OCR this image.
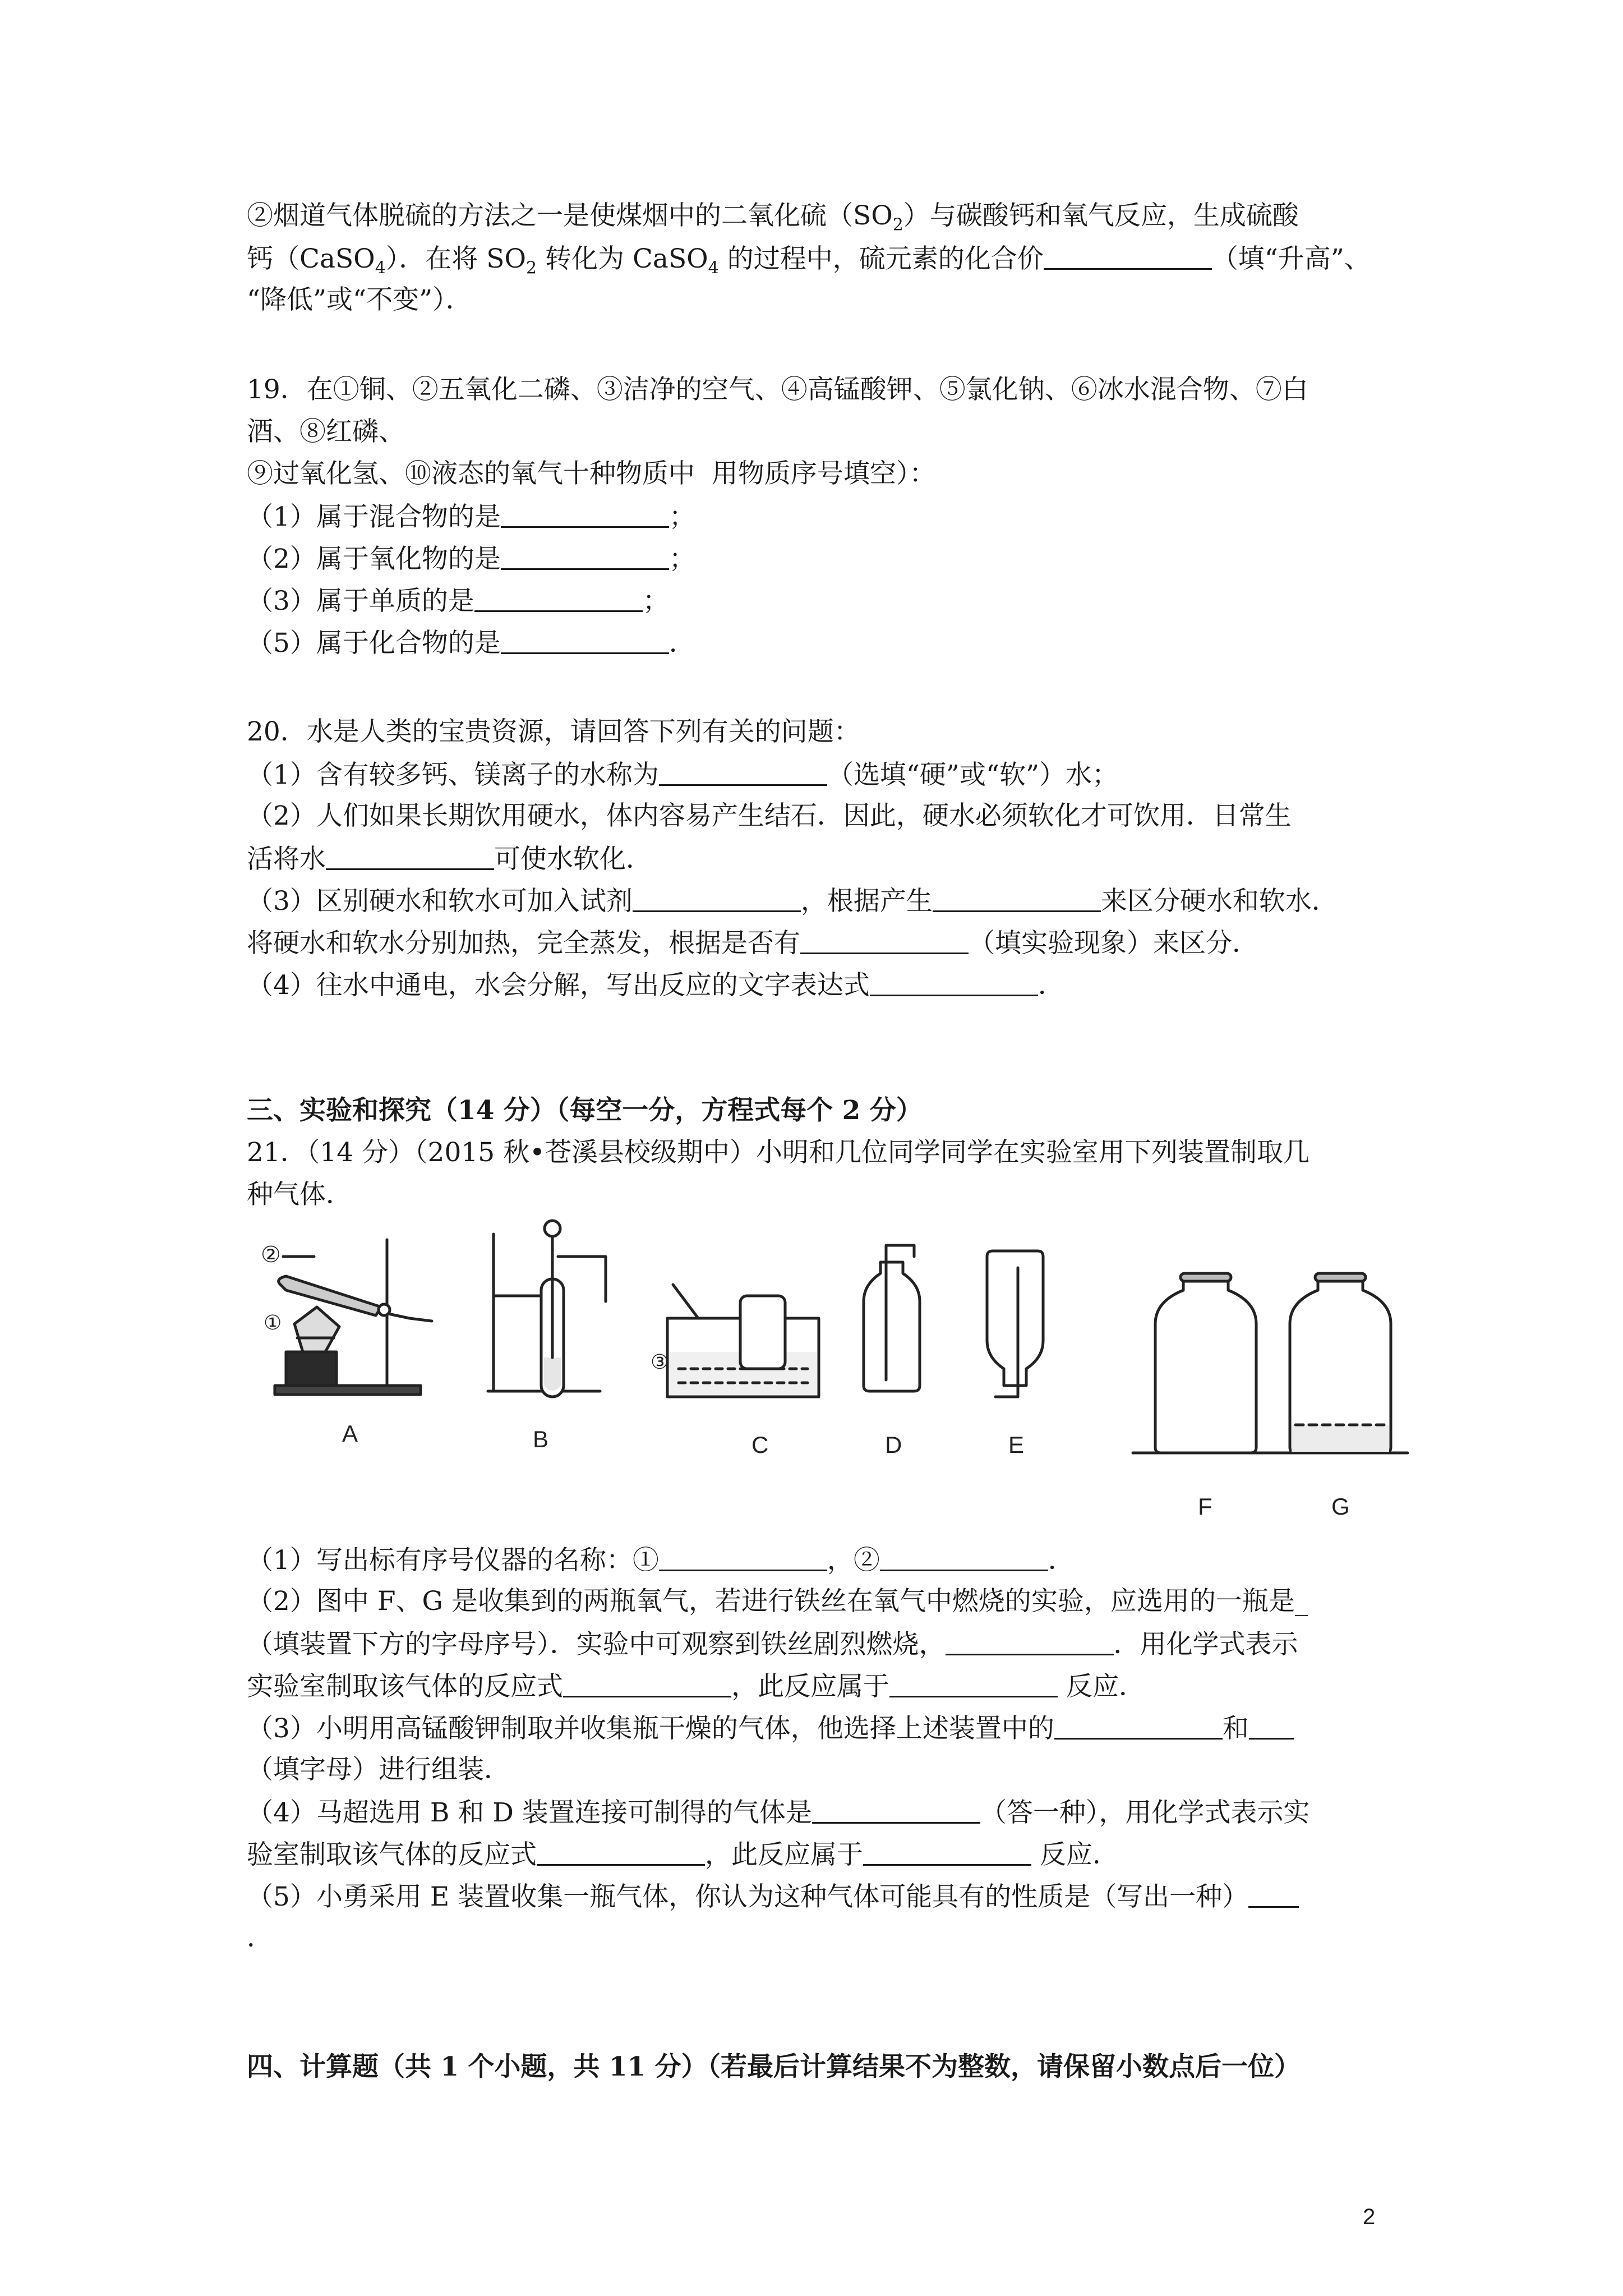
②烟道气体脱硫的方法之一是使煤烟中的二氧化硫$(SO_2)$与碳酸钙和氧气反应，生成硫酸
钙（CaSO$_4$）．在将 $SO_2$ 转化为 CaSO$_4$ 的过程中，硫元素的化合价	（填“升高”、
“降低”或“不变”）．
19．在①铜、②五氧化二磷、③洁净的空气、④高锰酸钾、⑤氯化钠、⑥冰水混合物、⑦白
酒、⑧红磷、
⑨过氧化氢、⑩液态的氧气十种物质中  用物质序号填空）：
（1）属于混合物的是	；
（2）属于氧化物的是	；
（3）属于单质的是	；
（5）属于化合物的是	．
20．水是人类的宝贵资源，请回答下列有关的问题：
（1）含有较多钙、镁离子的水称为	（选填“硬”或“软”）水；
（2）人们如果长期饮用硬水，体内容易产生结石．因此，硬水必须软化才可饮用．日常生
活将水	可使水软化．
（3）区别硬水和软水可加入试剂	，根据产生	来区分硬水和软水．
将硬水和软水分别加热，完全蒸发，根据是否有	（填实验现象）来区分．
（4）往水中通电，水会分解，写出反应的文字表达式	．
三、实验和探究（14 分）（每空一分，方程式每个 2 分）
21．（14 分）（2015 秋•苍溪县校级期中）小明和几位同学同学在实验室用下列装置制取几
种气体．
②
①
③
A	B	C	D	E
F	G
（1）写出标有序号仪器的名称：①	，②	．
（2）图中 F、G 是收集到的两瓶氧气，若进行铁丝在氧气中燃烧的实验，应选用的一瓶是_
（填装置下方的字母序号）．实验中可观察到铁丝剧烈燃烧，	．用化学式表示
实验室制取该气体的反应式	，此反应属于	反应．
（3）小明用高锰酸钾制取并收集瓶干燥的气体，他选择上述装置中的	和
（填字母）进行组装．
（4）马超选用 B 和 D 装置连接可制得的气体是	（答一种），用化学式表示实
验室制取该气体的反应式	，此反应属于	反应．
（5）小勇采用 E 装置收集一瓶气体，你认为这种气体可能具有的性质是（写出一种）
．
四、计算题（共 1 个小题，共 11 分）（若最后计算结果不为整数，请保留小数点后一位）
2
